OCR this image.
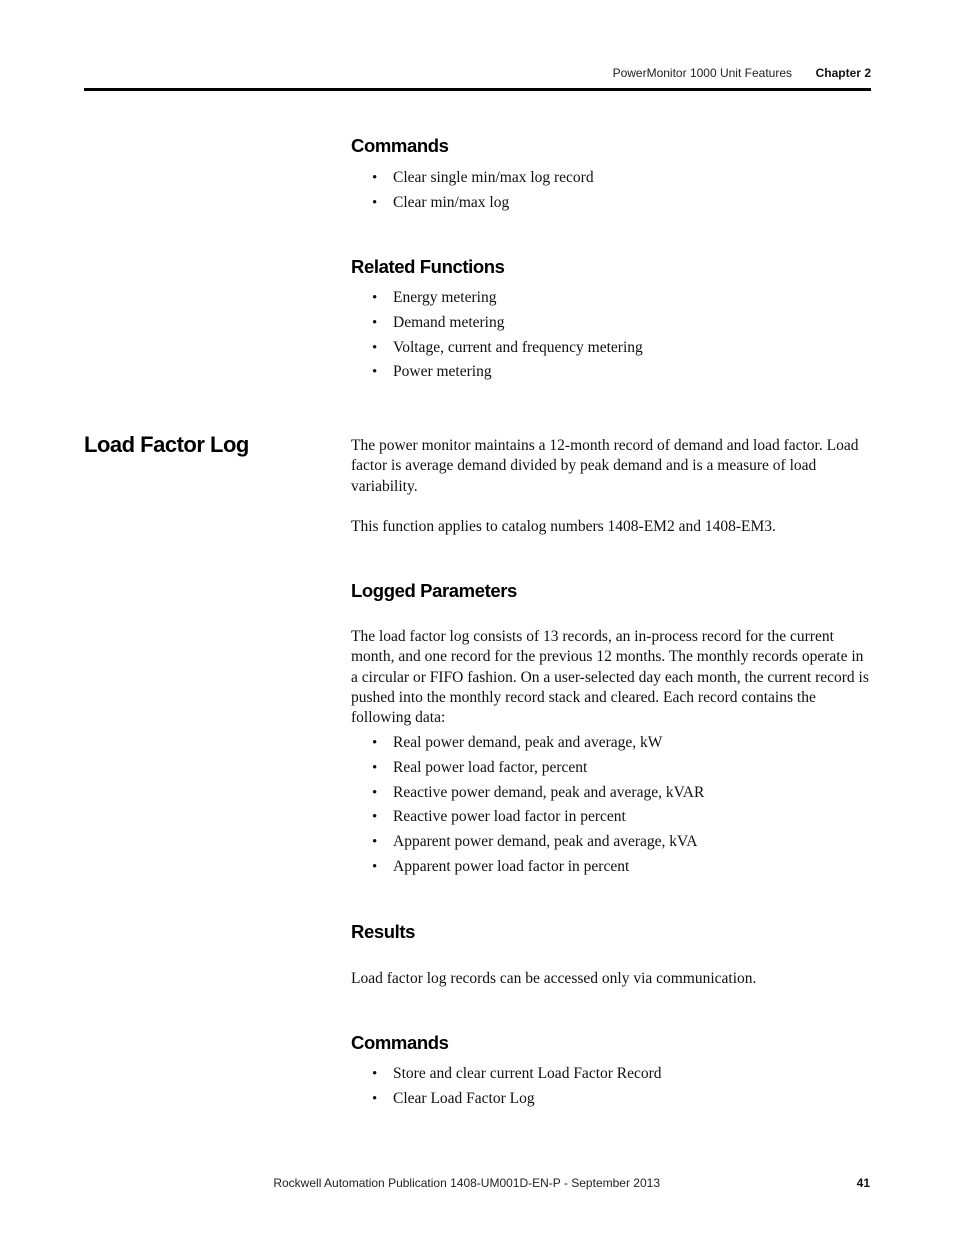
PowerMonitor 1000 Unit Features Chapter 2
Commands
• Clear single min/max log record
• Clear min/max log
Related Functions
• Energy metering
• Demand metering
• Voltage, current and frequency metering
• Power metering
Load Factor Log	The power monitor maintains a 12-month record of demand and load factor. Load factor is average demand divided by peak demand and is a measure of load variability.

This function applies to catalog numbers 1408-EM2 and 1408-EM3.

Logged Parameters

The load factor log consists of 13 records, an in-process record for the current month, and one record for the previous 12 months. The monthly records operate in a circular or FIFO fashion. On a user-selected day each month, the current record is pushed into the monthly record stack and cleared. Each record contains the following data:

• Real power demand, peak and average, kW
• Real power load factor, percent
• Reactive power demand, peak and average, kVAR
• Reactive power load factor in percent
• Apparent power demand, peak and average, kVA
• Apparent power load factor in percent
Results

Load factor log records can be accessed only via communication.

Commands
• Store and clear current Load Factor Record
• Clear Load Factor Log
Rockwell Automation Publication 1408-UM001D-EN-P - September 2013	41
